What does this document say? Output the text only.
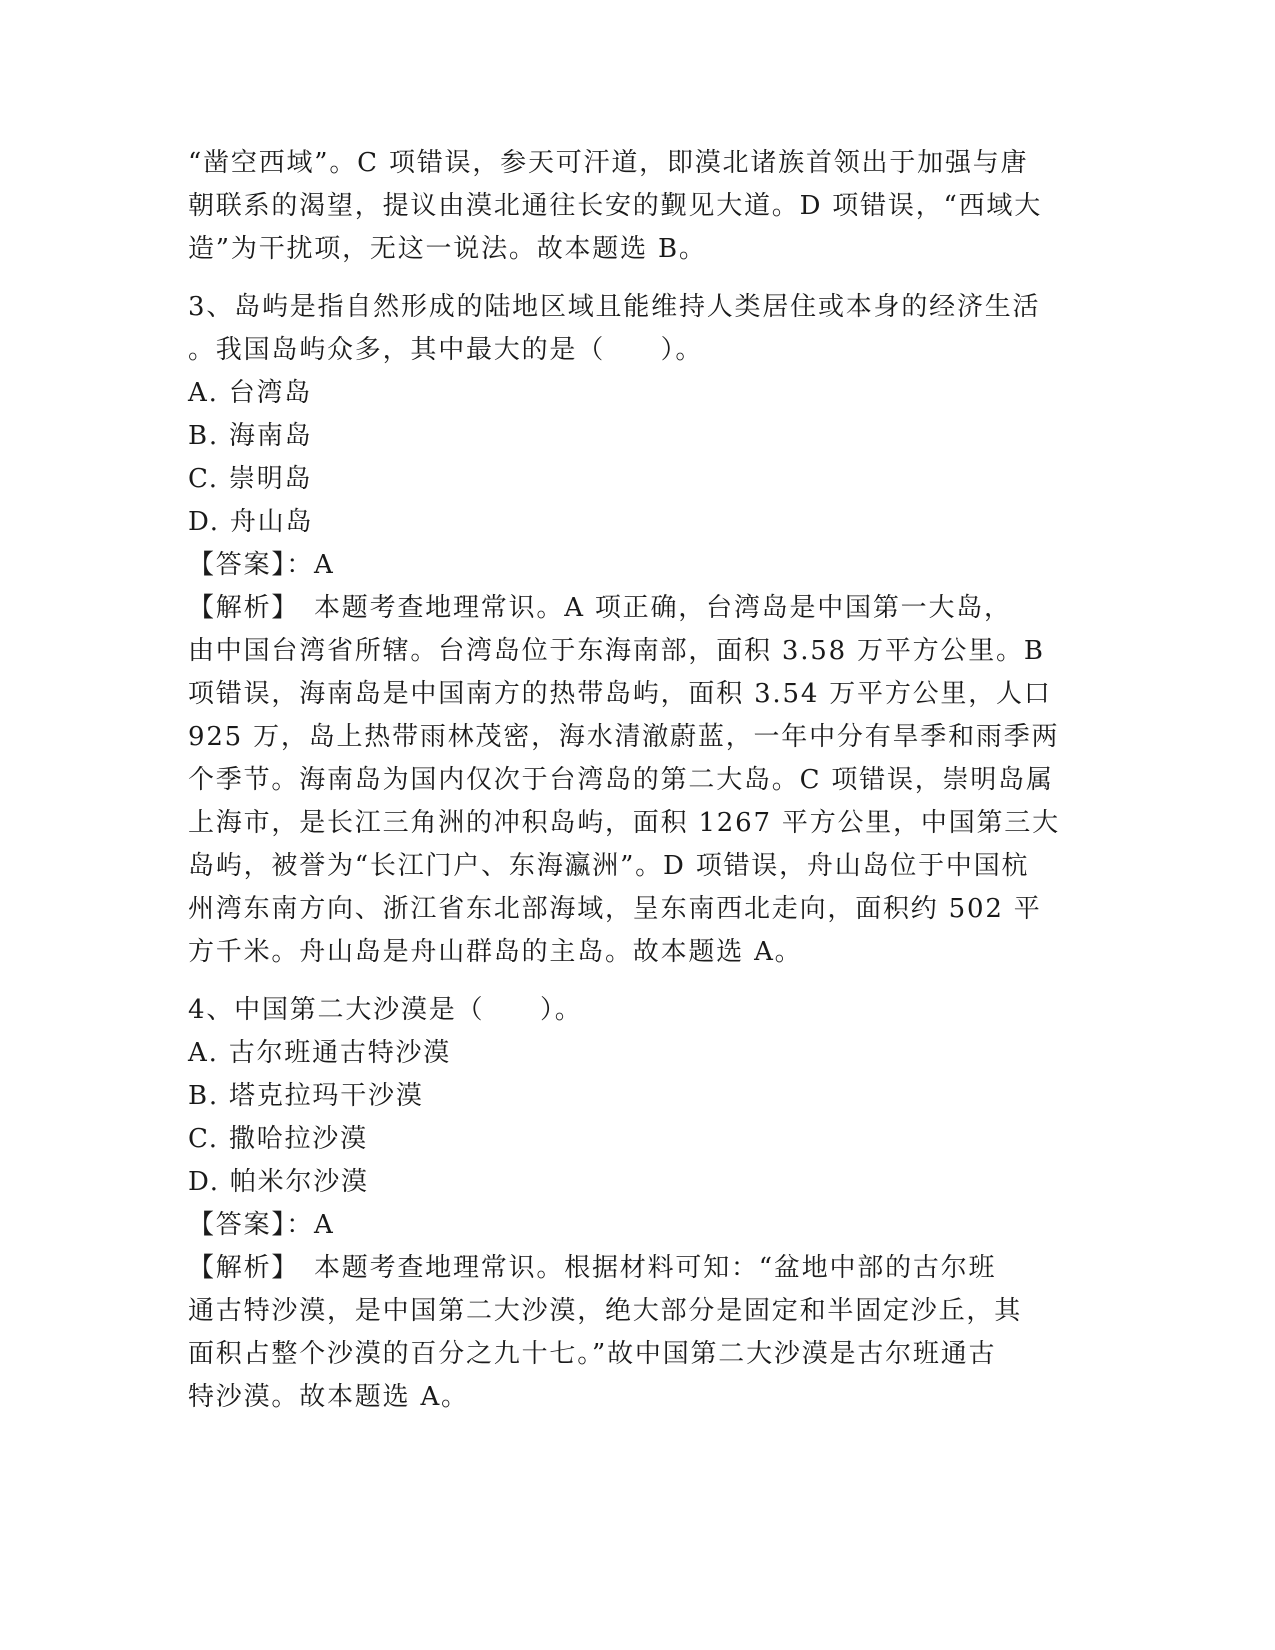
“凿空西域”。C 项错误，参天可汗道，即漠北诸族首领出于加强与唐
朝联系的渴望，提议由漠北通往长安的觐见大道。D 项错误，“西域大
造”为干扰项，无这一说法。故本题选 B。
3、岛屿是指自然形成的陆地区域且能维持人类居住或本身的经济生活
。我国岛屿众多，其中最大的是（　　）。
A. 台湾岛
B. 海南岛
C. 崇明岛
D. 舟山岛
【答案】：A
【解析】　本题考查地理常识。A 项正确，台湾岛是中国第一大岛，
由中国台湾省所辖。台湾岛位于东海南部，面积 3.58 万平方公里。B
项错误，海南岛是中国南方的热带岛屿，面积 3.54 万平方公里，人口
925 万，岛上热带雨林茂密，海水清澈蔚蓝，一年中分有旱季和雨季两
个季节。海南岛为国内仅次于台湾岛的第二大岛。C 项错误，崇明岛属
上海市，是长江三角洲的冲积岛屿，面积 1267 平方公里，中国第三大
岛屿，被誉为“长江门户、东海瀛洲”。D 项错误，舟山岛位于中国杭
州湾东南方向、浙江省东北部海域，呈东南西北走向，面积约 502 平
方千米。舟山岛是舟山群岛的主岛。故本题选 A。
4、中国第二大沙漠是（　　）。
A. 古尔班通古特沙漠
B. 塔克拉玛干沙漠
C. 撒哈拉沙漠
D. 帕米尔沙漠
【答案】：A
【解析】　本题考查地理常识。根据材料可知：“盆地中部的古尔班
通古特沙漠，是中国第二大沙漠，绝大部分是固定和半固定沙丘，其
面积占整个沙漠的百分之九十七。”故中国第二大沙漠是古尔班通古
特沙漠。故本题选 A。
